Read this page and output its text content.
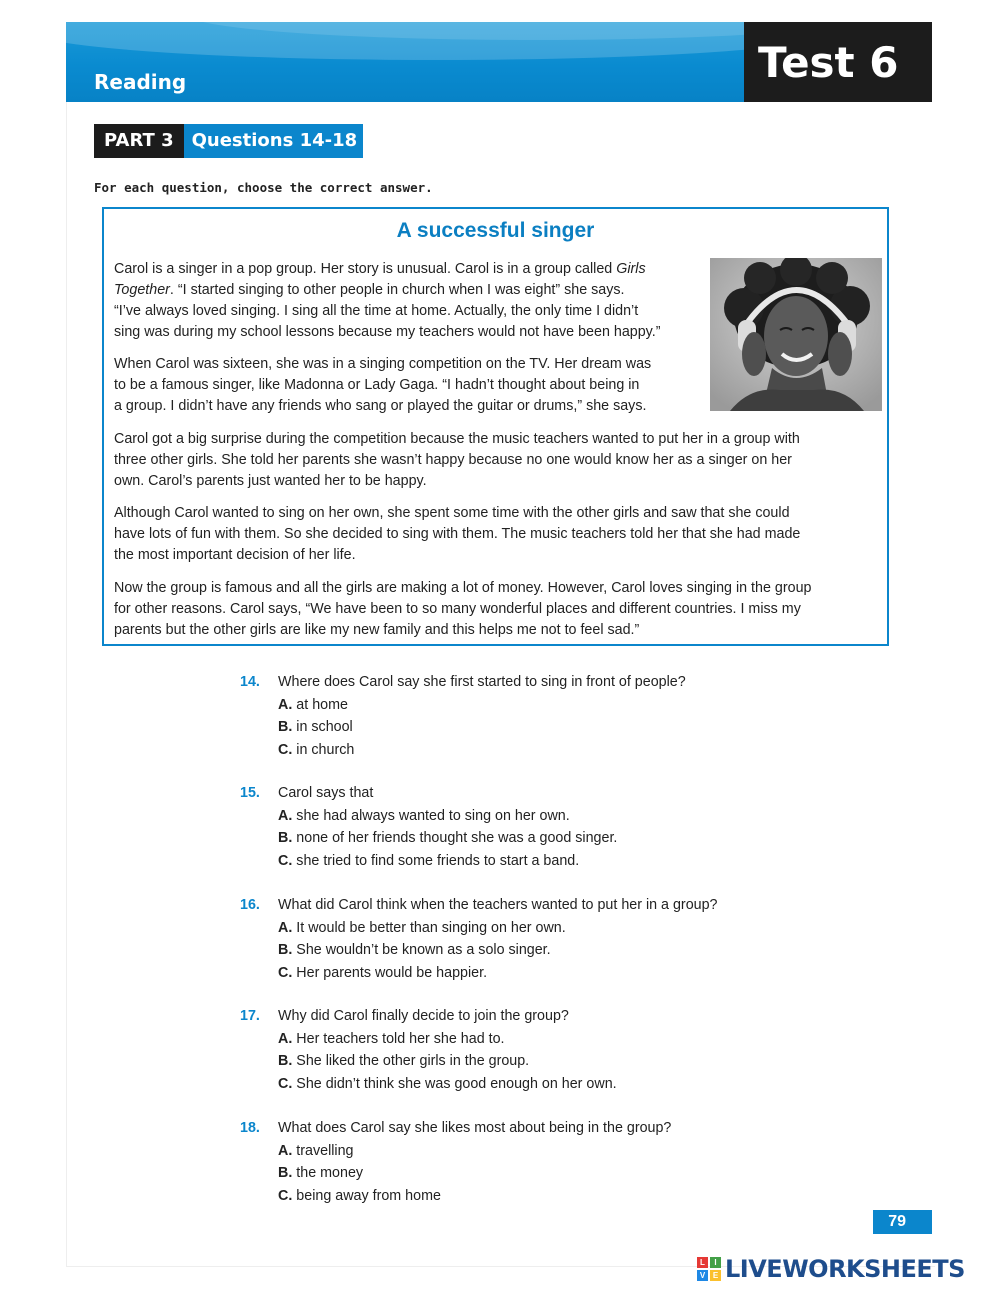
Reading	Test 6
PART 3	Questions 14-18
For each question, choose the correct answer.
A successful singer

Carol is a singer in a pop group. Her story is unusual. Carol is in a group called Girls
Together. “I started singing to other people in church when I was eight” she says.
“I’ve always loved singing. I sing all the time at home. Actually, the only time I didn’t
sing was during my school lessons because my teachers would not have been happy.”

When Carol was sixteen, she was in a singing competition on the TV. Her dream was
to be a famous singer, like Madonna or Lady Gaga. “I hadn’t thought about being in
a group. I didn’t have any friends who sang or played the guitar or drums,” she says.

Carol got a big surprise during the competition because the music teachers wanted to put her in a group with
three other girls. She told her parents she wasn’t happy because no one would know her as a singer on her
own. Carol’s parents just wanted her to be happy.

Although Carol wanted to sing on her own, she spent some time with the other girls and saw that she could
have lots of fun with them. So she decided to sing with them. The music teachers told her that she had made
the most important decision of her life.

Now the group is famous and all the girls are making a lot of money. However, Carol loves singing in the group
for other reasons. Carol says, “We have been to so many wonderful places and different countries. I miss my
parents but the other girls are like my new family and this helps me not to feel sad.”

14.	Where does Carol say she first started to sing in front of people?
A. at home
B. in school
C. in church
15.	Carol says that
A. she had always wanted to sing on her own.
B. none of her friends thought she was a good singer.
C. she tried to find some friends to start a band.
16.	What did Carol think when the teachers wanted to put her in a group?
A. It would be better than singing on her own.
B. She wouldn’t be known as a solo singer.
C. Her parents would be happier.
17.	Why did Carol finally decide to join the group?
A. Her teachers told her she had to.
B. She liked the other girls in the group.
C. She didn’t think she was good enough on her own.
18.	What does Carol say she likes most about being in the group?
A. travelling
B. the money
C. being away from home
79
L	I
V E LIVEWORKSHEETS
